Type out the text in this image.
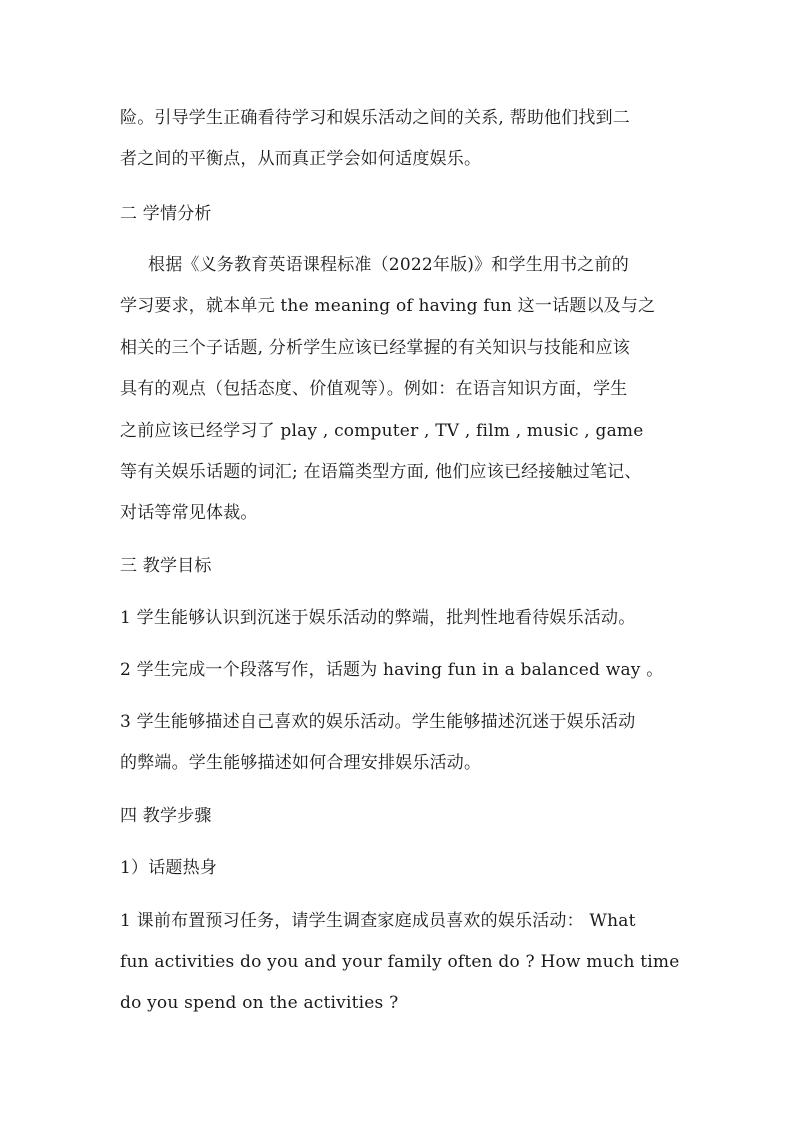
险。引导学生正确看待学习和娱乐活动之间的关系, 帮助他们找到二
者之间的平衡点，从而真正学会如何适度娱乐。
二 学情分析
根据《义务教育英语课程标准（2022年版)》和学生用书之前的
学习要求，就本单元 the meaning of having fun 这一话题以及与之
相关的三个子话题, 分析学生应该已经掌握的有关知识与技能和应该
具有的观点（包括态度、价值观等）。例如：在语言知识方面，学生
之前应该已经学习了 play , computer , TV , film , music , game
等有关娱乐话题的词汇; 在语篇类型方面, 他们应该已经接触过笔记、
对话等常见体裁。
三 教学目标
1 学生能够认识到沉迷于娱乐活动的弊端，批判性地看待娱乐活动。
2 学生完成一个段落写作，话题为 having fun in a balanced way 。
3 学生能够描述自己喜欢的娱乐活动。学生能够描述沉迷于娱乐活动
的弊端。学生能够描述如何合理安排娱乐活动。
四 教学步骤
1）话题热身
1 课前布置预习任务，请学生调查家庭成员喜欢的娱乐活动： What
fun activities do you and your family often do ? How much time
do you spend on the activities ?
